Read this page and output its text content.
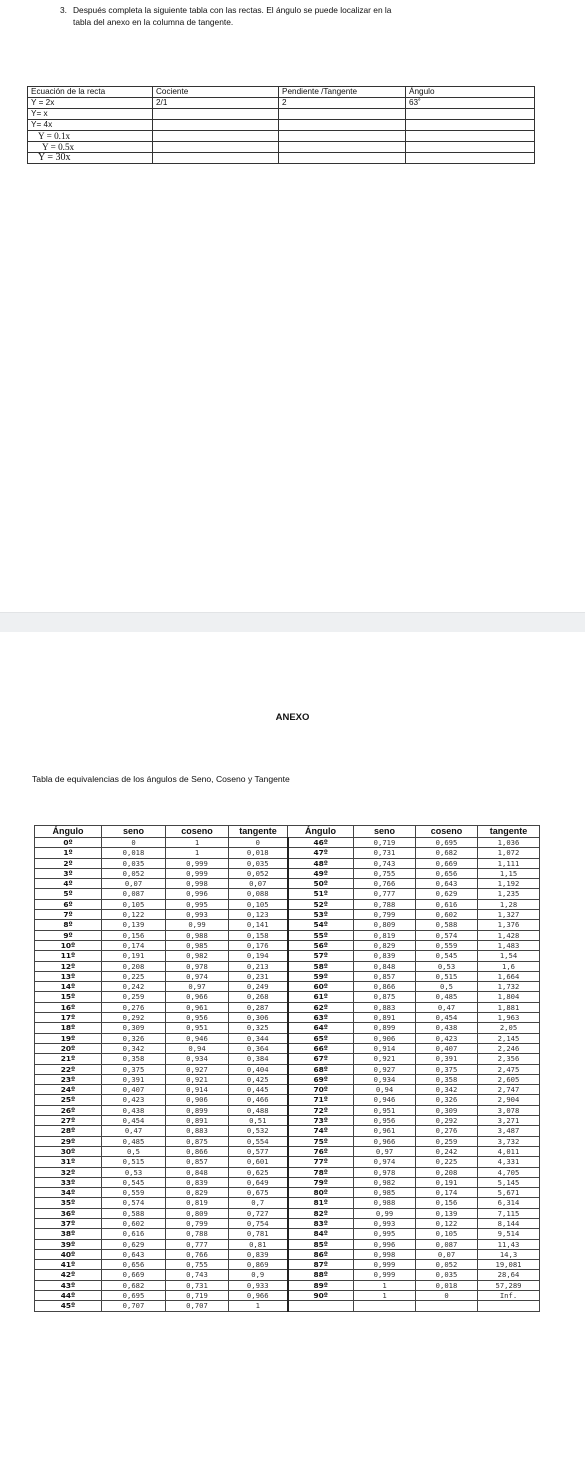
3. Después completa la siguiente tabla con las rectas. El ángulo se puede localizar en la
tabla del anexo en la columna de tangente.
Ecuación de la recta	Cociente	Pendiente /Tangente	Ángulo
Y = 2x	2/1	2	63˚
Y= x			
Y= 4x			
Y = 0.1x			
Y = 0.5x			
Y = 30x			
ANEXO
Tabla de equivalencias de los ángulos de Seno, Coseno y Tangente
Ángulo	seno	coseno	tangente	Ángulo	seno	coseno	tangente
0º	0	1	0	46º	0,719	0,695	1,036
1º	0,018	1	0,018	47º	0,731	0,682	1,072
2º	0,035	0,999	0,035	48º	0,743	0,669	1,111
3º	0,052	0,999	0,052	49º	0,755	0,656	1,15
4º	0,07	0,998	0,07	50º	0,766	0,643	1,192
5º	0,087	0,996	0,088	51º	0,777	0,629	1,235
6º	0,105	0,995	0,105	52º	0,788	0,616	1,28
7º	0,122	0,993	0,123	53º	0,799	0,602	1,327
8º	0,139	0,99	0,141	54º	0,809	0,588	1,376
9º	0,156	0,988	0,158	55º	0,819	0,574	1,428
10º	0,174	0,985	0,176	56º	0,829	0,559	1,483
11º	0,191	0,982	0,194	57º	0,839	0,545	1,54
12º	0,208	0,978	0,213	58º	0,848	0,53	1,6
13º	0,225	0,974	0,231	59º	0,857	0,515	1,664
14º	0,242	0,97	0,249	60º	0,866	0,5	1,732
15º	0,259	0,966	0,268	61º	0,875	0,485	1,804
16º	0,276	0,961	0,287	62º	0,883	0,47	1,881
17º	0,292	0,956	0,306	63º	0,891	0,454	1,963
18º	0,309	0,951	0,325	64º	0,899	0,438	2,05
19º	0,326	0,946	0,344	65º	0,906	0,423	2,145
20º	0,342	0,94	0,364	66º	0,914	0,407	2,246
21º	0,358	0,934	0,384	67º	0,921	0,391	2,356
22º	0,375	0,927	0,404	68º	0,927	0,375	2,475
23º	0,391	0,921	0,425	69º	0,934	0,358	2,605
24º	0,407	0,914	0,445	70º	0,94	0,342	2,747
25º	0,423	0,906	0,466	71º	0,946	0,326	2,904
26º	0,438	0,899	0,488	72º	0,951	0,309	3,078
27º	0,454	0,891	0,51	73º	0,956	0,292	3,271
28º	0,47	0,883	0,532	74º	0,961	0,276	3,487
29º	0,485	0,875	0,554	75º	0,966	0,259	3,732
30º	0,5	0,866	0,577	76º	0,97	0,242	4,011
31º	0,515	0,857	0,601	77º	0,974	0,225	4,331
32º	0,53	0,848	0,625	78º	0,978	0,208	4,705
33º	0,545	0,839	0,649	79º	0,982	0,191	5,145
34º	0,559	0,829	0,675	80º	0,985	0,174	5,671
35º	0,574	0,819	0,7	81º	0,988	0,156	6,314
36º	0,588	0,809	0,727	82º	0,99	0,139	7,115
37º	0,602	0,799	0,754	83º	0,993	0,122	8,144
38º	0,616	0,788	0,781	84º	0,995	0,105	9,514
39º	0,629	0,777	0,81	85º	0,996	0,087	11,43
40º	0,643	0,766	0,839	86º	0,998	0,07	14,3
41º	0,656	0,755	0,869	87º	0,999	0,052	19,081
42º	0,669	0,743	0,9	88º	0,999	0,035	28,64
43º	0,682	0,731	0,933	89º	1	0,018	57,289
44º	0,695	0,719	0,966	90º	1	0	Inf.
45º	0,707	0,707	1				
